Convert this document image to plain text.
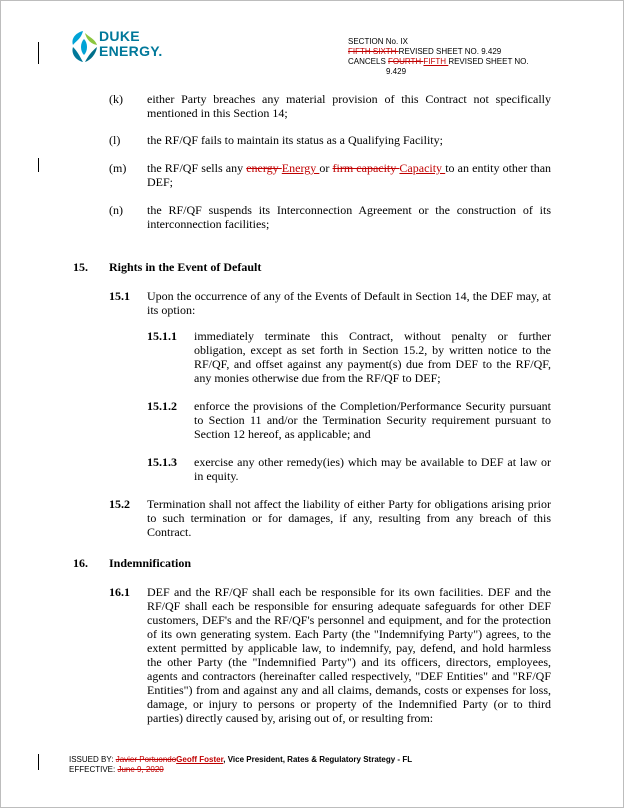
DUKE
ENERGY.
SECTION No. IX
FIFTH SIXTH REVISED SHEET NO. 9.429
CANCELS FOURTH FIFTH REVISED SHEET NO.
9.429
(k) either Party breaches any material provision of this Contract not specifically mentioned in this Section 14;
(l) the RF/QF fails to maintain its status as a Qualifying Facility;
(m) the RF/QF sells any energy Energy or firm capacity Capacity to an entity other than DEF;
(n) the RF/QF suspends its Interconnection Agreement or the construction of its interconnection facilities;
15. Rights in the Event of Default
15.1 Upon the occurrence of any of the Events of Default in Section 14, the DEF may, at its option:
15.1.1 immediately terminate this Contract, without penalty or further obligation, except as set forth in Section 15.2, by written notice to the RF/QF, and offset against any payment(s) due from DEF to the RF/QF, any monies otherwise due from the RF/QF to DEF;
15.1.2 enforce the provisions of the Completion/Performance Security pursuant to Section 11 and/or the Termination Security requirement pursuant to Section 12 hereof, as applicable; and
15.1.3 exercise any other remedy(ies) which may be available to DEF at law or in equity.
15.2 Termination shall not affect the liability of either Party for obligations arising prior to such termination or for damages, if any, resulting from any breach of this Contract.
16. Indemnification
16.1 DEF and the RF/QF shall each be responsible for its own facilities. DEF and the RF/QF shall each be responsible for ensuring adequate safeguards for other DEF customers, DEF's and the RF/QF's personnel and equipment, and for the protection of its own generating system. Each Party (the "Indemnifying Party") agrees, to the extent permitted by applicable law, to indemnify, pay, defend, and hold harmless the other Party (the "Indemnified Party") and its officers, directors, employees, agents and contractors (hereinafter called respectively, "DEF Entities" and "RF/QF Entities") from and against any and all claims, demands, costs or expenses for loss, damage, or injury to persons or property of the Indemnified Party (or to third parties) directly caused by, arising out of, or resulting from:
ISSUED BY: Javier PortuondoGeoff Foster, Vice President, Rates & Regulatory Strategy - FL
EFFECTIVE: June 9, 2020
